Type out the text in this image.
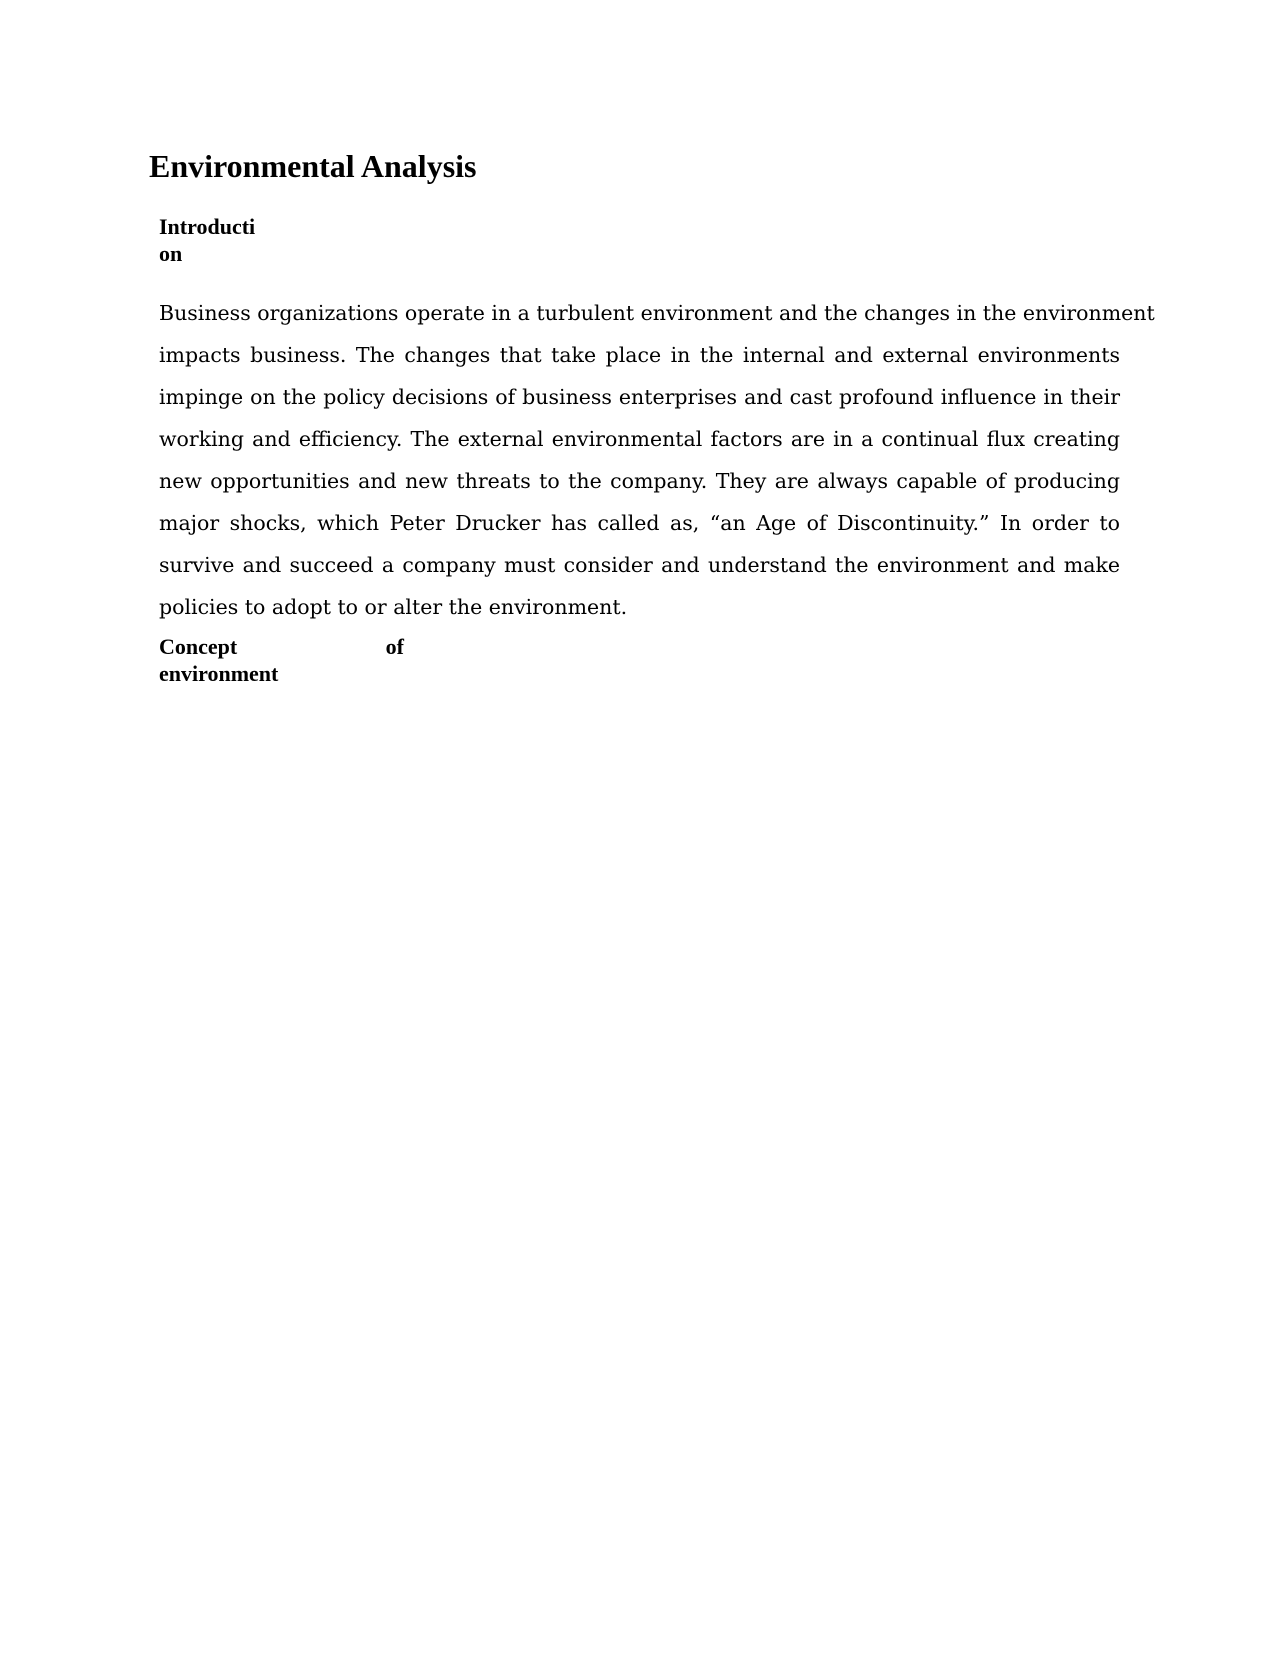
Environmental Analysis
Introducti
on

Business organizations operate in a turbulent environment and the changes in the environment
impacts business. The changes that take place in the internal and external environments
impinge on the policy decisions of business enterprises and cast profound influence in their
working and efficiency. The external environmental factors are in a continual flux creating
new opportunities and new threats to the company. They are always capable of producing
major shocks, which Peter Drucker has called as, “an Age of Discontinuity.” In order to
survive and succeed a company must consider and understand the environment and make
policies to adopt to or alter the environment.

Concept	of
environment
